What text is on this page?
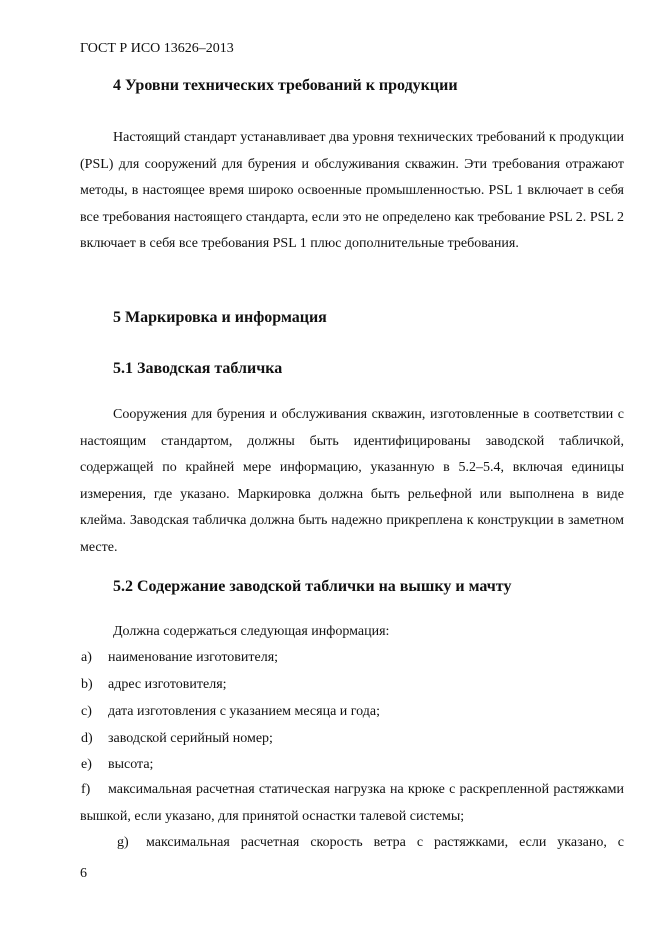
ГОСТ Р ИСО 13626–2013
4 Уровни технических требований к продукции
Настоящий стандарт устанавливает два уровня технических требований к продукции (PSL) для сооружений для бурения и обслуживания скважин. Эти требования отражают методы, в настоящее время широко освоенные промышленностью. PSL 1 включает в себя все требования настоящего стандарта, если это не определено как требование PSL 2. PSL 2 включает в себя все требования PSL 1 плюс дополнительные требования.
5 Маркировка и информация
5.1 Заводская табличка
Сооружения для бурения и обслуживания скважин, изготовленные в соответствии с настоящим стандартом, должны быть идентифицированы заводской табличкой, содержащей по крайней мере информацию, указанную в 5.2–5.4, включая единицы измерения, где указано. Маркировка должна быть рельефной или выполнена в виде клейма. Заводская табличка должна быть надежно прикреплена к конструкции в заметном месте.
5.2 Содержание заводской таблички на вышку и мачту
Должна содержаться следующая информация:
a) наименование изготовителя;
b) адрес изготовителя;
c) дата изготовления с указанием месяца и года;
d) заводской серийный номер;
e) высота;
f) максимальная расчетная статическая нагрузка на крюке с раскрепленной растяжками вышкой, если указано, для принятой оснастки талевой системы;
g) максимальная расчетная скорость ветра с растяжками, если указано, с
6
